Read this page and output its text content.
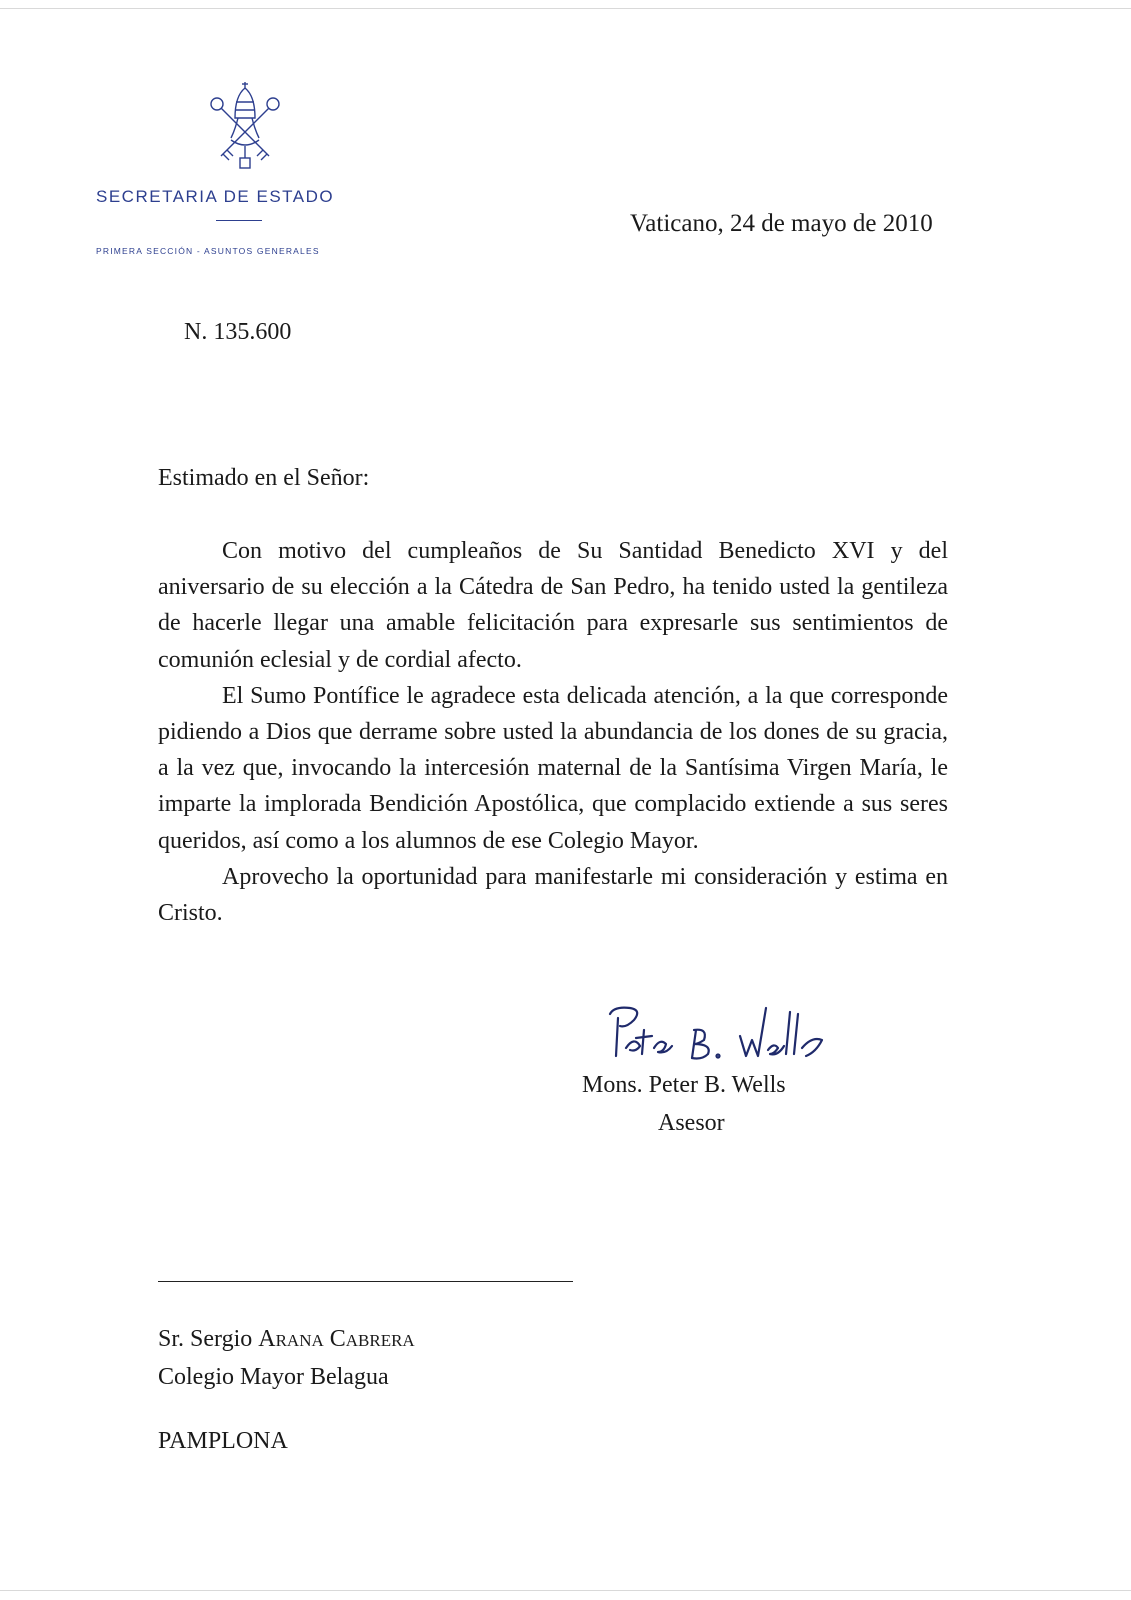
SECRETARIA DE ESTADO
PRIMERA SECCIÓN - ASUNTOS GENERALES
Vaticano, 24 de mayo de 2010
N. 135.600
Estimado en el Señor:

Con motivo del cumpleaños de Su Santidad Benedicto XVI y del aniversario de su elección a la Cátedra de San Pedro, ha tenido usted la gentileza de hacerle llegar una amable felicitación para expresarle sus sentimientos de comunión eclesial y de cordial afecto.

El Sumo Pontífice le agradece esta delicada atención, a la que corresponde pidiendo a Dios que derrame sobre usted la abundancia de los dones de su gracia, a la vez que, invocando la intercesión maternal de la Santísima Virgen María, le imparte la implorada Bendición Apostólica, que complacido extiende a sus seres queridos, así como a los alumnos de ese Colegio Mayor.

Aprovecho la oportunidad para manifestarle mi consideración y estima en Cristo.

Mons. Peter B. Wells
Asesor
Sr. Sergio Arana Cabrera
Colegio Mayor Belagua
PAMPLONA
